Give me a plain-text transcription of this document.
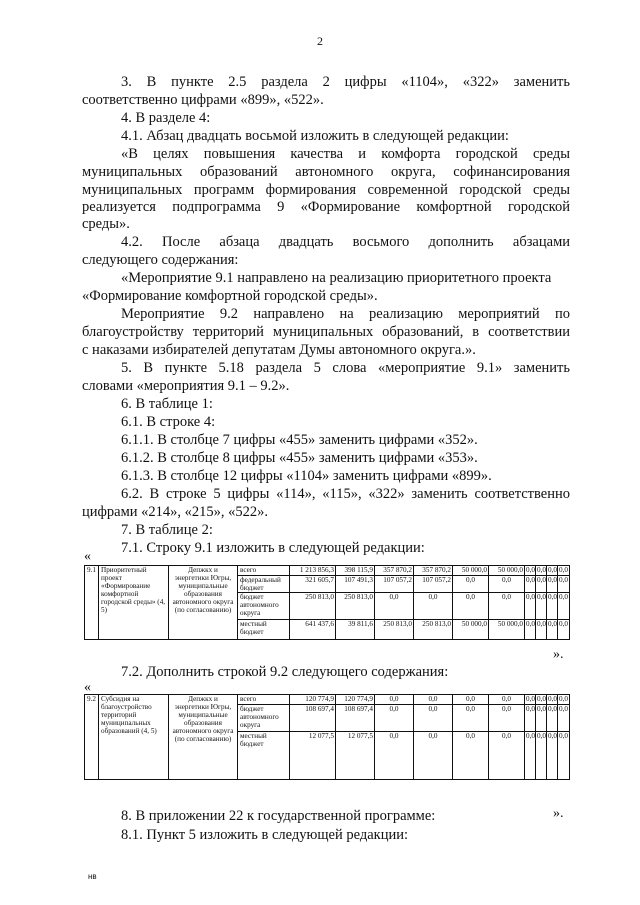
2
3. В пункте 2.5 раздела 2 цифры «1104», «322» заменить
соответственно цифрами «899», «522».
4. В разделе 4:
4.1. Абзац двадцать восьмой изложить в следующей редакции:
«В целях повышения качества и комфорта городской среды
муниципальных образований автономного округа, софинансирования
муниципальных программ формирования современной городской среды
реализуется подпрограмма 9 «Формирование комфортной городской
среды».
4.2. После абзаца двадцать восьмого дополнить абзацами
следующего содержания:
«Мероприятие 9.1 направлено на реализацию приоритетного проекта
«Формирование комфортной городской среды».
Мероприятие 9.2 направлено на реализацию мероприятий по
благоустройству территорий муниципальных образований, в соответствии
с наказами избирателей депутатам Думы автономного округа.».
5. В пункте 5.18 раздела 5 слова «мероприятие 9.1» заменить
словами «мероприятия 9.1 – 9.2».
6. В таблице 1:
6.1. В строке 4:
6.1.1. В столбце 7 цифры «455» заменить цифрами «352».
6.1.2. В столбце 8 цифры «455» заменить цифрами «353».
6.1.3. В столбце 12 цифры «1104» заменить цифрами «899».
6.2. В строке 5 цифры «114», «115», «322» заменить соответственно
цифрами «214», «215», «522».
7. В таблице 2:
7.1. Строку 9.1 изложить в следующей редакции:
«
9.1	Приоритетный проект «Формирование комфортной городской среды» (4, 5)	Депжкх и энергетики Югры, муниципальные образования автономного округа (по согласованию)	всего	1 213 856,3	398 115,9	357 870,2	357 870,2	50 000,0	50 000,0	0,0	0,0	0,0	0,0
			федеральный бюджет	321 605,7	107 491,3	107 057,2	107 057,2	0,0	0,0	0,0	0,0	0,0	0,0
			бюджет автономного округа	250 813,0	250 813,0	0,0	0,0	0,0	0,0	0,0	0,0	0,0	0,0
			местный бюджет	641 437,6	39 811,6	250 813,0	250 813,0	50 000,0	50 000,0	0,0	0,0	0,0	0,0
».
7.2. Дополнить строкой 9.2 следующего содержания:
«
9.2	Субсидия на благоустройство территорий муниципальных образований (4, 5)	Депжкх и энергетики Югры, муниципальные образования автономного округа (по согласованию)	всего	120 774,9	120 774,9	0,0	0,0	0,0	0,0	0,0	0,0	0,0	0,0
			бюджет автономного округа	108 697,4	108 697,4	0,0	0,0	0,0	0,0	0,0	0,0	0,0	0,0
			местный бюджет	12 077,5	12 077,5	0,0	0,0	0,0	0,0	0,0	0,0	0,0	0,0
».
8. В приложении 22 к государственной программе:
8.1. Пункт 5 изложить в следующей редакции:
нв
